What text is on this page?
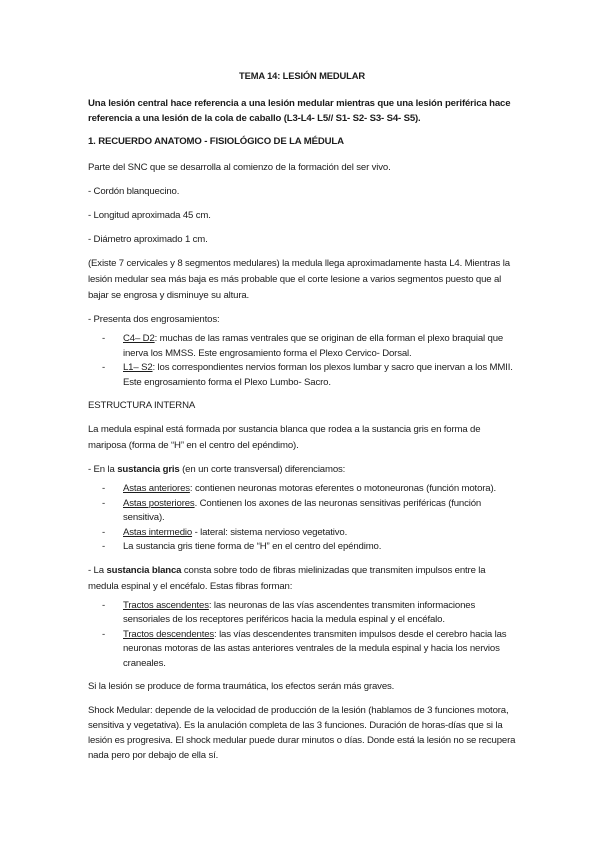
TEMA 14: LESIÓN MEDULAR

Una lesión central hace referencia a una lesión medular mientras que una lesión periférica hace referencia a una lesión de la cola de caballo (L3-L4- L5// S1- S2- S3- S4- S5).

1. RECUERDO ANATOMO - FISIOLÓGICO DE LA MÉDULA

Parte del SNC que se desarrolla al comienzo de la formación del ser vivo.

- Cordón blanquecino.

- Longitud aproximada 45 cm.

- Diámetro aproximado 1 cm.

(Existe 7 cervicales y 8 segmentos medulares) la medula llega aproximadamente hasta L4. Mientras la lesión medular sea más baja es más probable que el corte lesione a varios segmentos puesto que al bajar se engrosa y disminuye su altura.

- Presenta dos engrosamientos:

- C4– D2: muchas de las ramas ventrales que se originan de ella forman el plexo braquial que inerva los MMSS. Este engrosamiento forma el Plexo Cervico- Dorsal.
- L1– S2: los correspondientes nervios forman los plexos lumbar y sacro que inervan a los MMII. Este engrosamiento forma el Plexo Lumbo- Sacro.

ESTRUCTURA INTERNA

La medula espinal está formada por sustancia blanca que rodea a la sustancia gris en forma de mariposa (forma de “H” en el centro del epéndimo).

- En la sustancia gris (en un corte transversal) diferenciamos:

- Astas anteriores: contienen neuronas motoras eferentes o motoneuronas (función motora).
- Astas posteriores. Contienen los axones de las neuronas sensitivas periféricas (función sensitiva).
- Astas intermedio - lateral: sistema nervioso vegetativo.
- La sustancia gris tiene forma de “H” en el centro del epéndimo.

- La sustancia blanca consta sobre todo de fibras mielinizadas que transmiten impulsos entre la medula espinal y el encéfalo. Estas fibras forman:

- Tractos ascendentes: las neuronas de las vías ascendentes transmiten informaciones sensoriales de los receptores periféricos hacia la medula espinal y el encéfalo.
- Tractos descendentes: las vías descendentes transmiten impulsos desde el cerebro hacia las neuronas motoras de las astas anteriores ventrales de la medula espinal y hacia los nervios craneales.

Si la lesión se produce de forma traumática, los efectos serán más graves.

Shock Medular: depende de la velocidad de producción de la lesión (hablamos de 3 funciones motora, sensitiva y vegetativa). Es la anulación completa de las 3 funciones. Duración de horas-días que si la lesión es progresiva. El shock medular puede durar minutos o días. Donde está la lesión no se recupera nada pero por debajo de ella sí.
